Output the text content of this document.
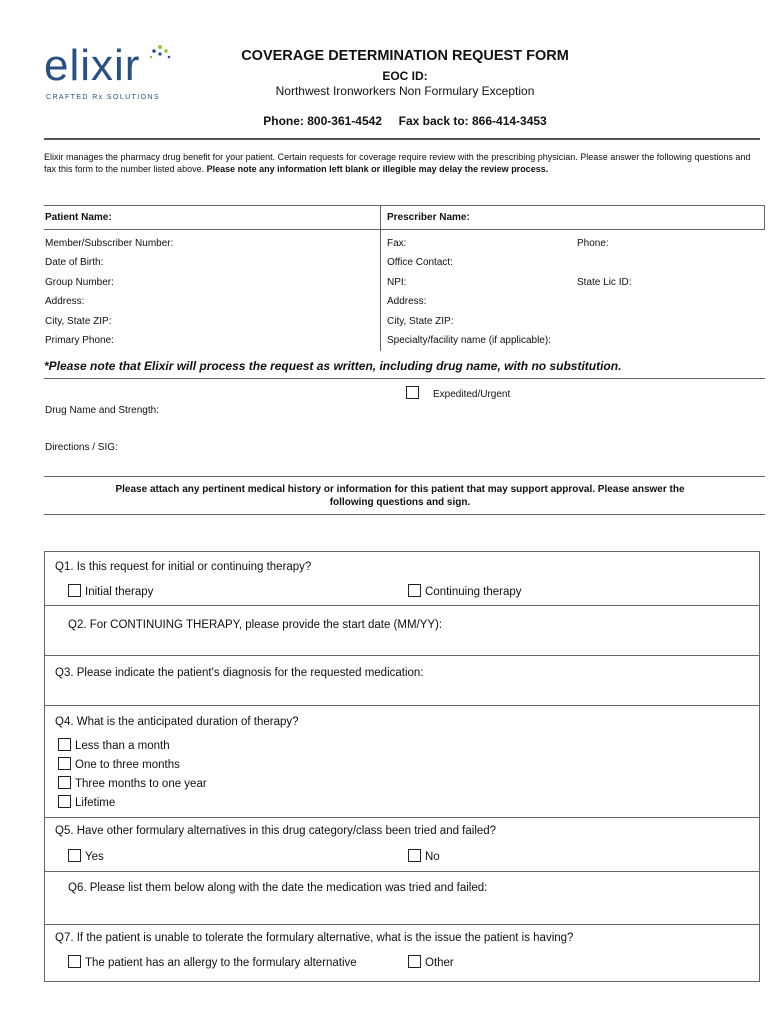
elixir
CRAFTED Rx SOLUTIONS
COVERAGE DETERMINATION REQUEST FORM
EOC ID:
Northwest Ironworkers Non Formulary Exception
Phone: 800-361-4542     Fax back to: 866-414-3453
Elixir manages the pharmacy drug benefit for your patient. Certain requests for coverage require review with the prescribing physician. Please answer the following questions and fax this form to the number listed above. Please note any information left blank or illegible may delay the review process.
Patient Name:	Prescriber Name:
Member/Subscriber Number:
Date of Birth:
Group Number:
Address:
City, State ZIP:
Primary Phone:
Fax:	Phone:
Office Contact:
NPI:	State Lic ID:
Address:
City, State ZIP:
Specialty/facility name (if applicable):
*Please note that Elixir will process the request as written, including drug name, with no substitution.
Expedited/Urgent
Drug Name and Strength:
Directions / SIG:
Please attach any pertinent medical history or information for this patient that may support approval. Please answer the
following questions and sign.
Q1. Is this request for initial or continuing therapy?
Initial therapy	Continuing therapy
Q2. For CONTINUING THERAPY, please provide the start date (MM/YY):
Q3. Please indicate the patient's diagnosis for the requested medication:
Q4. What is the anticipated duration of therapy?
Less than a month
One to three months
Three months to one year
Lifetime
Q5. Have other formulary alternatives in this drug category/class been tried and failed?
Yes	No
Q6. Please list them below along with the date the medication was tried and failed:
Q7. If the patient is unable to tolerate the formulary alternative, what is the issue the patient is having?
The patient has an allergy to the formulary alternative	Other
